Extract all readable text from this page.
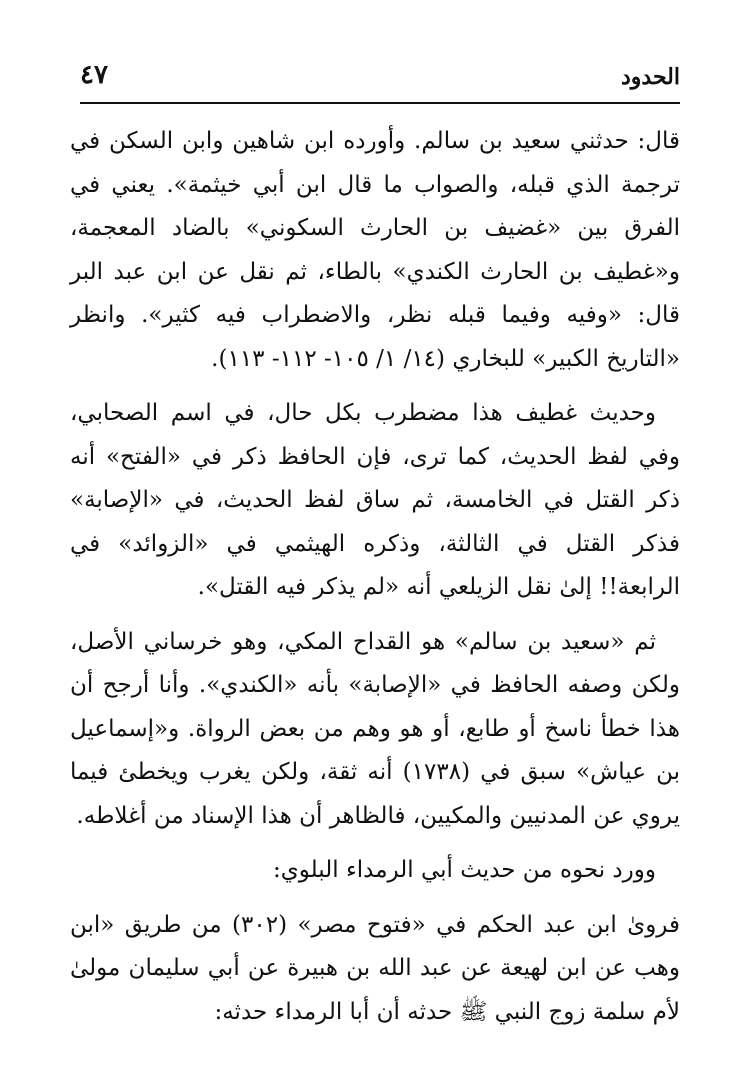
الحدود
٤٧

قال: حدثني سعيد بن سالم. وأورده ابن شاهين وابن السكن في ترجمة الذي قبله، والصواب ما قال ابن أبي خيثمة». يعني في الفرق بين «غضيف بن الحارث السكوني» بالضاد المعجمة، و«غطيف بن الحارث الكندي» بالطاء، ثم نقل عن ابن عبد البر قال: «وفيه وفيما قبله نظر، والاضطراب فيه كثير». وانظر «التاريخ الكبير» للبخاري (١٤/ ١/ ١٠٥- ١١٢- ١١٣).

وحديث غطيف هذا مضطرب بكل حال، في اسم الصحابي، وفي لفظ الحديث، كما ترى، فإن الحافظ ذكر في «الفتح» أنه ذكر القتل في الخامسة، ثم ساق لفظ الحديث، في «الإصابة» فذكر القتل في الثالثة، وذكره الهيثمي في «الزوائد» في الرابعة!! إلىٰ نقل الزيلعي أنه «لم يذكر فيه القتل».

ثم «سعيد بن سالم» هو القداح المكي، وهو خرساني الأصل، ولكن وصفه الحافظ في «الإصابة» بأنه «الكندي». وأنا أرجح أن هذا خطأ ناسخ أو طابع، أو هو وهم من بعض الرواة. و«إسماعيل بن عياش» سبق في (١٧٣٨) أنه ثقة، ولكن يغرب ويخطئ فيما يروي عن المدنيين والمكيين، فالظاهر أن هذا الإسناد من أغلاطه.

وورد نحوه من حديث أبي الرمداء البلوي:

فروىٰ ابن عبد الحكم في «فتوح مصر» (٣٠٢) من طريق «ابن وهب عن ابن لهيعة عن عبد الله بن هبيرة عن أبي سليمان مولىٰ لأم سلمة زوج النبي ﷺ حدثه أن أبا الرمداء حدثه:
